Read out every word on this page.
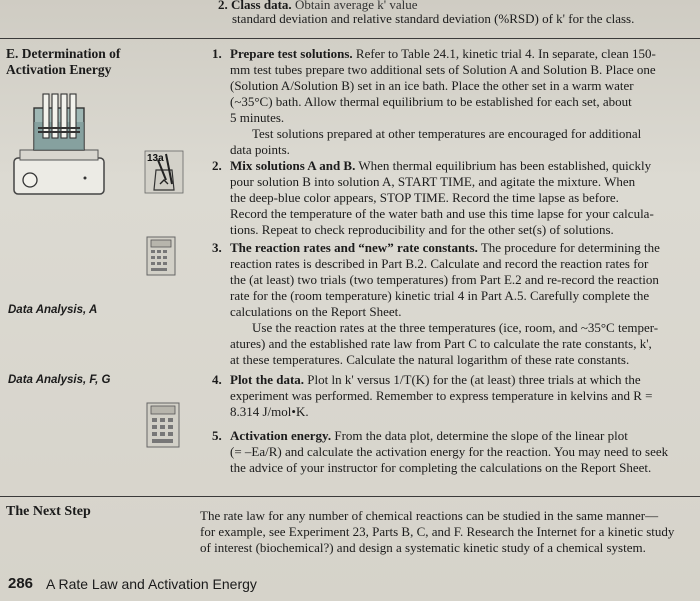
2. Class data. Obtain average k' value
standard deviation and relative standard deviation (%RSD) of k' for the class.
E. Determination of
Activation Energy
13a
Data Analysis, A
Data Analysis, F, G
1. Prepare test solutions. Refer to Table 24.1, kinetic trial 4. In separate, clean 150-
mm test tubes prepare two additional sets of Solution A and Solution B. Place one
(Solution A/Solution B) set in an ice bath. Place the other set in a warm water
(~35°C) bath. Allow thermal equilibrium to be established for each set, about
5 minutes.
Test solutions prepared at other temperatures are encouraged for additional
data points.
2. Mix solutions A and B. When thermal equilibrium has been established, quickly
pour solution B into solution A, START TIME, and agitate the mixture. When
the deep-blue color appears, STOP TIME. Record the time lapse as before.
Record the temperature of the water bath and use this time lapse for your calcula-
tions. Repeat to check reproducibility and for the other set(s) of solutions.
3. The reaction rates and “new” rate constants. The procedure for determining the
reaction rates is described in Part B.2. Calculate and record the reaction rates for
the (at least) two trials (two temperatures) from Part E.2 and re-record the reaction
rate for the (room temperature) kinetic trial 4 in Part A.5. Carefully complete the
calculations on the Report Sheet.
Use the reaction rates at the three temperatures (ice, room, and ~35°C temper-
atures) and the established rate law from Part C to calculate the rate constants, k',
at these temperatures. Calculate the natural logarithm of these rate constants.
4. Plot the data. Plot ln k' versus 1/T(K) for the (at least) three trials at which the
experiment was performed. Remember to express temperature in kelvins and R =
8.314 J/mol•K.
5. Activation energy. From the data plot, determine the slope of the linear plot
(= –Ea/R) and calculate the activation energy for the reaction. You may need to seek
the advice of your instructor for completing the calculations on the Report Sheet.
The Next Step	The rate law for any number of chemical reactions can be studied in the same manner—
for example, see Experiment 23, Parts B, C, and F. Research the Internet for a kinetic study
of interest (biochemical?) and design a systematic kinetic study of a chemical system.
286 A Rate Law and Activation Energy
